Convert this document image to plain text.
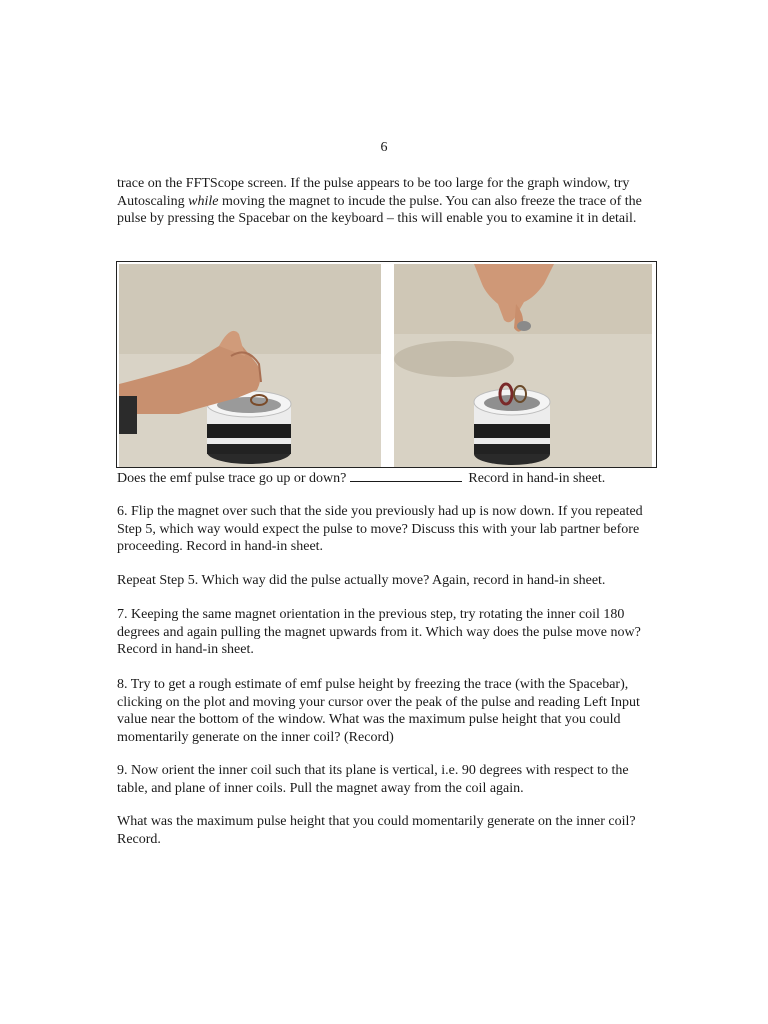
6

trace on the FFTScope screen. If the pulse appears to be too large for the graph window, try Autoscaling while moving the magnet to incude the pulse. You can also freeze the trace of the pulse by pressing the Spacebar on the keyboard – this will enable you to examine it in detail.

Does the emf pulse trace go up or down?	Record in hand-in sheet.

6. Flip the magnet over such that the side you previously had up is now down. If you repeated Step 5, which way would expect the pulse to move? Discuss this with your lab partner before proceeding. Record in hand-in sheet.

Repeat Step 5. Which way did the pulse actually move? Again, record in hand-in sheet.

7. Keeping the same magnet orientation in the previous step, try rotating the inner coil 180 degrees and again pulling the magnet upwards from it. Which way does the pulse move now? Record in hand-in sheet.

8. Try to get a rough estimate of emf pulse height by freezing the trace (with the Spacebar), clicking on the plot and moving your cursor over the peak of the pulse and reading Left Input value near the bottom of the window. What was the maximum pulse height that you could momentarily generate on the inner coil? (Record)

9. Now orient the inner coil such that its plane is vertical, i.e. 90 degrees with respect to the table, and plane of inner coils. Pull the magnet away from the coil again.

What was the maximum pulse height that you could momentarily generate on the inner coil? Record.
